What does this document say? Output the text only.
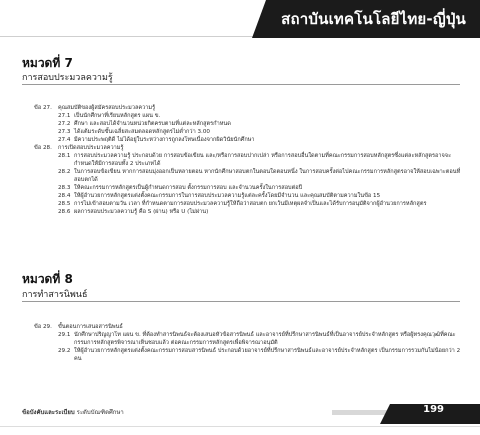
สถาบันเทคโนโลยีไทย-ญี่ปุ่น
หมวดที่ 7
การสอบประมวลความรู้
ข้อ 27.	คุณสมบัติของผู้สมัครสอบประมวลความรู้
27.1 เป็นนักศึกษาที่เรียนหลักสูตร แผน ข.
27.2 ศึกษา และสอบได้จำนวนหน่วยกิตครบตามที่แต่ละหลักสูตรกำหนด
27.3 ได้แต้มระดับขั้นเฉลี่ยสะสมตลอดหลักสูตรไม่ต่ำกว่า 3.00
27.4 มีความประพฤติดี ไม่ได้อยู่ในระหว่างการถูกลงโทษเนื่องจากผิดวินัยนักศึกษา
ข้อ 28.	การเปิดสอบประมวลความรู้
28.1 การสอบประมวลความรู้ ประกอบด้วย การสอบข้อเขียน และ/หรือการสอบปากเปล่า หรือการสอบอื่นใดตามที่คณะกรรมการสอบหลักสูตรซึ่งแต่ละหลักสูตรอาจจะกำหนดให้มีการสอบทั้ง 2 ประเภทได้
28.2 ในการสอบข้อเขียน หากการสอบมุ่งออกเป็นหลายตอน หากนักศึกษาสอบตกในตอนใดตอนหนึ่ง ในการสอบครั้งต่อไปคณะกรรมการหลักสูตรอาจให้สอบเฉพาะตอนที่สอบตกได้
28.3 ให้คณะกรรมการหลักสูตรเป็นผู้กำหนดการสอบ ตั้งกรรมการสอบ และจำนวนครั้งในการสอบต่อปี
28.4 ให้ผู้อำนวยการหลักสูตรแต่งตั้งคณะกรรมการในการสอบประมวลความรู้แต่ละครั้งโดยมีจำนวน และคุณสมบัติตามความในข้อ 15
28.5 การไม่เข้าสอบตามวัน เวลา ที่กำหนดตามการสอบประมวลความรู้ให้ถือว่าสอบตก ยกเว้นมีเหตุผลจำเป็นและได้รับการอนุมัติจากผู้อำนวยการหลักสูตร
28.6 ผลการสอบประมวลความรู้ คือ S (ผ่าน) หรือ U (ไม่ผ่าน)
หมวดที่ 8
การทำสารนิพนธ์
ข้อ 29.	ขั้นตอนการเสนอสารนิพนธ์
29.1 นักศึกษาปริญญาโท แผน ข. ที่ต้องทำสารนิพนธ์จะต้องเสนอหัวข้อสารนิพนธ์ และอาจารย์ที่ปรึกษาสารนิพนธ์ที่เป็นอาจารย์ประจำหลักสูตร หรือผู้ทรงคุณวุฒิที่คณะกรรมการหลักสูตรพิจารณาเห็นชอบแล้ว ต่อคณะกรรมการหลักสูตรเพื่อพิจารณาอนุมัติ
29.2 ให้ผู้อำนวยการหลักสูตรแต่งตั้งคณะกรรมการสอบสารนิพนธ์ ประกอบด้วยอาจารย์ที่ปรึกษาสารนิพนธ์และอาจารย์ประจำหลักสูตร เป็นกรรมการรวมกันไม่น้อยกว่า 2 คน
ข้อบังคับและระเบียบ ระดับบัณฑิตศึกษา	199
